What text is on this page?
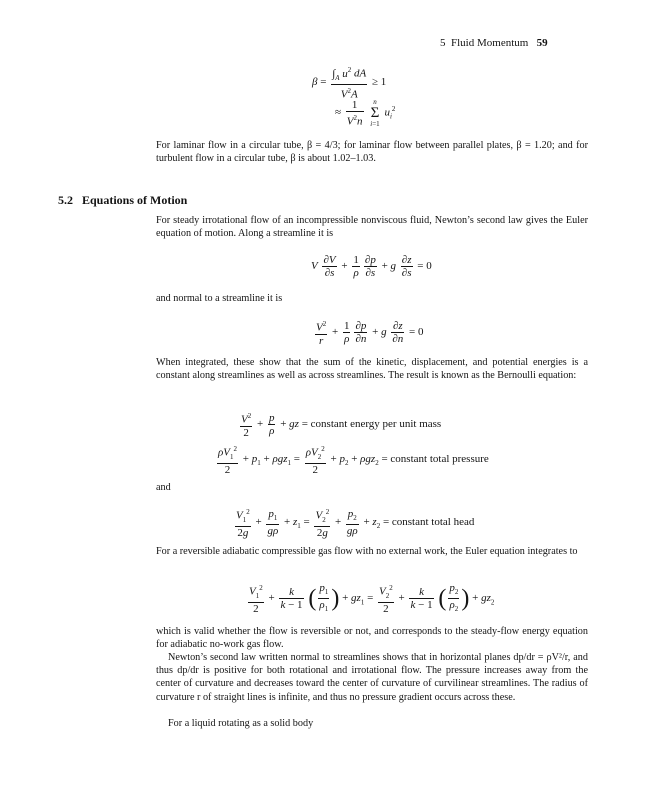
5 Fluid Momentum 59
$\beta = \frac{\int_A u^2 dA}{V^2A} \ge 1$
≈ $\frac{1}{V^2n}$ n
Σ
i=1 $u_i^2$
For laminar flow in a circular tube, β = 4/3; for laminar flow between parallel plates, β = 1.20; and for turbulent flow in a circular tube, β is about 1.02–1.03.
5.2 Equations of Motion
For steady irrotational flow of an incompressible nonviscous fluid, Newton’s second law gives the Euler equation of motion. Along a streamline it is
V $\frac{\partial V}{\partial s} + \frac{1}{\rho} \frac{\partial p}{\partial s} + g \frac{\partial z}{\partial s} = 0$
and normal to a streamline it is
$\frac{V^2}{r} + \frac{1}{\rho} \frac{\partial p}{\partial n} + g \frac{\partial z}{\partial n} = 0$
When integrated, these show that the sum of the kinetic, displacement, and potential energies is a constant along streamlines as well as across streamlines. The result is known as the Bernoulli equation:
$\frac{V^2}{2} + \frac{p}{\rho}$ + gz = constant energy per unit mass
$\frac{\rho V_1^2}{2} + p_1 + \rho gz_1 = \frac{\rho V_2^2}{2} + p_2 + \rho gz_2$ = constant total pressure
and
$\frac{V_1^2}{2g} + \frac{p_1}{g\rho} + z_1 = \frac{V_2^2}{2g} + \frac{p_2}{g\rho} + z_2$ = constant total head
For a reversible adiabatic compressible gas flow with no external work, the Euler equation integrates to
$\frac{V_1^2}{2} + \frac{k}{k - 1}$ ( $\frac{p_1}{\rho_1}$ ) + $gz_1 = \frac{V_2^2}{2} + \frac{k}{k - 1}$ ( $\frac{p_2}{\rho_2}$ ) + $gz_2$
which is valid whether the flow is reversible or not, and corresponds to the steady-flow energy equation for adiabatic no-work gas flow.
Newton’s second law written normal to streamlines shows that in horizontal planes dp/dr = ρV²/r, and thus dp/dr is positive for both rotational and irrotational flow. The pressure increases away from the center of curvature and decreases toward the center of curvature of curvilinear streamlines. The radius of curvature r of straight lines is infinite, and thus no pressure gradient occurs across these.
For a liquid rotating as a solid body
